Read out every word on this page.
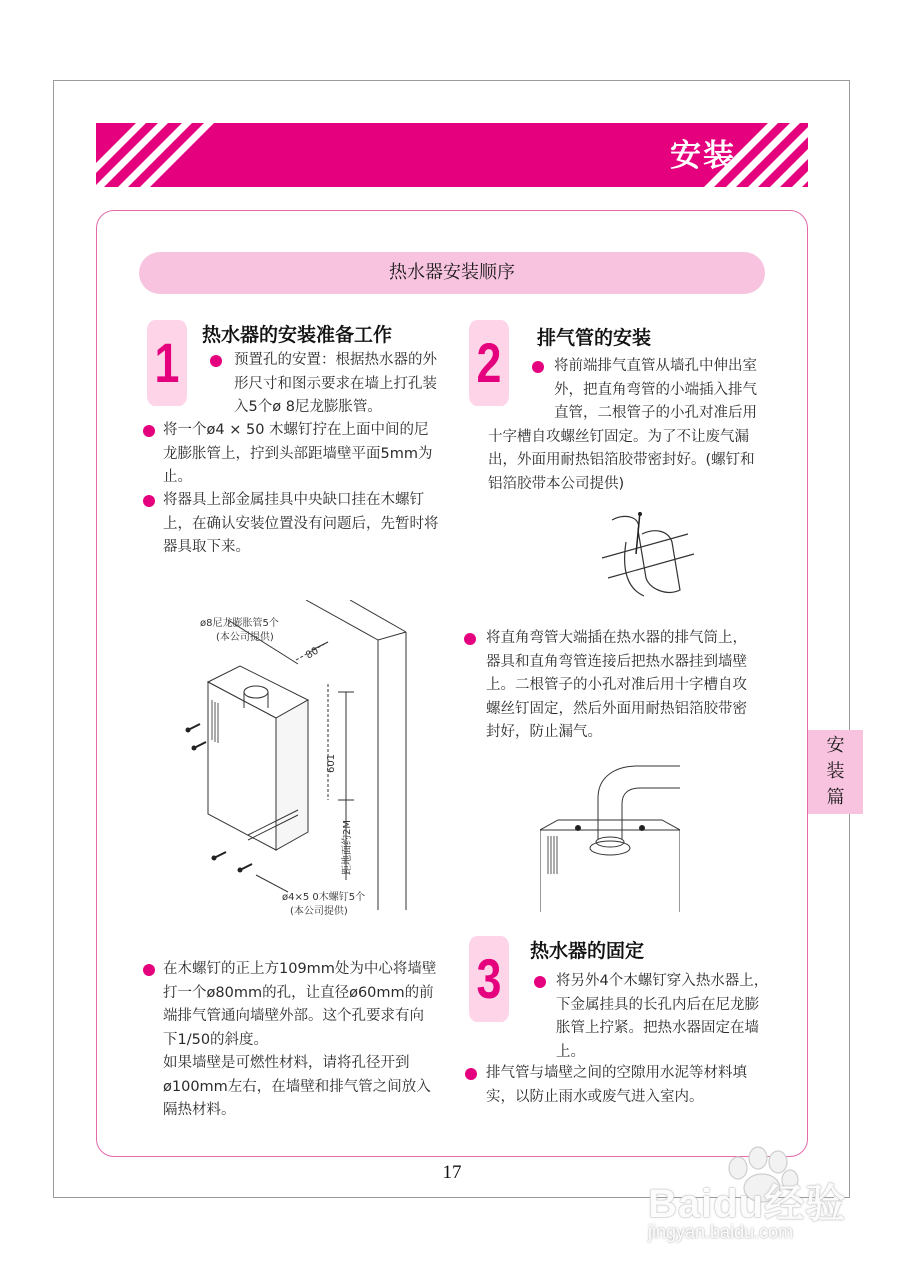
安装
热水器安装顺序
1	热水器的安装准备工作
预置孔的安置：根据热水器的外
形尺寸和图示要求在墙上打孔装
入5个ø 8尼龙膨胀管。
将一个ø4 × 50 木螺钉拧在上面中间的尼
龙膨胀管上，拧到头部距墙壁平面5mm为
止。
将器具上部金属挂具中央缺口挂在木螺钉
上，在确认安装位置没有问题后，先暂时将
器具取下来。
ø8尼龙膨胀管5个
(本公司提供)
80
601
距地面约2M
ø4×5 0木螺钉5个
(本公司提供)
在木螺钉的正上方109mm处为中心将墙壁
打一个ø80mm的孔，让直径ø60mm的前
端排气管通向墙壁外部。这个孔要求有向
下1/50的斜度。
如果墙壁是可燃性材料，请将孔径开到
ø100mm左右，在墙壁和排气管之间放入
隔热材料。
2	排气管的安装
将前端排气直管从墙孔中伸出室
外，把直角弯管的小端插入排气
直管，二根管子的小孔对准后用
十字槽自攻螺丝钉固定。为了不让废气漏
出，外面用耐热铝箔胶带密封好。(螺钉和
铝箔胶带本公司提供)
将直角弯管大端插在热水器的排气筒上，
器具和直角弯管连接后把热水器挂到墙壁
上。二根管子的小孔对准后用十字槽自攻
螺丝钉固定，然后外面用耐热铝箔胶带密
封好，防止漏气。
3	热水器的固定
将另外4个木螺钉穿入热水器上，
下金属挂具的长孔内后在尼龙膨
胀管上拧紧。把热水器固定在墙
上。
排气管与墙壁之间的空隙用水泥等材料填
实，以防止雨水或废气进入室内。
安
装
篇
17
Baidu经验
jingyan.baidu.com
